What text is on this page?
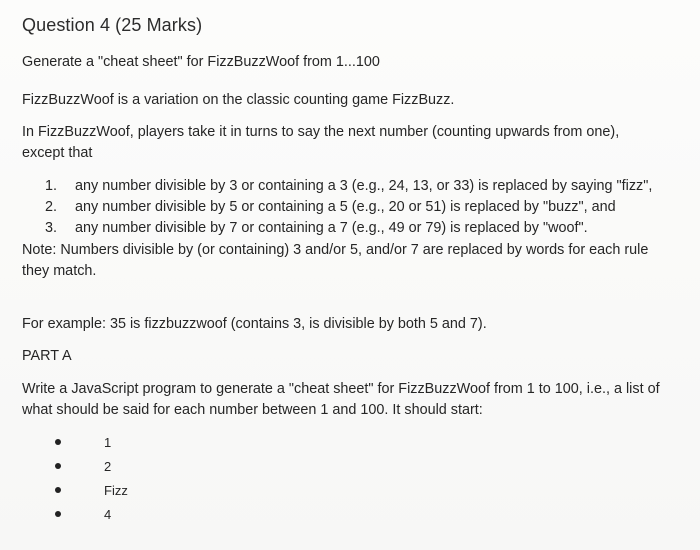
Question 4 (25 Marks)
Generate a "cheat sheet" for FizzBuzzWoof from 1...100
FizzBuzzWoof is a variation on the classic counting game FizzBuzz.
In FizzBuzzWoof, players take it in turns to say the next number (counting upwards from one),
except that
1.	any number divisible by 3 or containing a 3 (e.g., 24, 13, or 33) is replaced by saying "fizz",
2.	any number divisible by 5 or containing a 5 (e.g., 20 or 51) is replaced by "buzz", and
3.	any number divisible by 7 or containing a 7 (e.g., 49 or 79) is replaced by "woof".
Note: Numbers divisible by (or containing) 3 and/or 5, and/or 7 are replaced by words for each rule
they match.
For example: 35 is fizzbuzzwoof (contains 3, is divisible by both 5 and 7).
PART A
Write a JavaScript program to generate a "cheat sheet" for FizzBuzzWoof from 1 to 100, i.e., a list of
what should be said for each number between 1 and 100. It should start:
1
2
Fizz
4
